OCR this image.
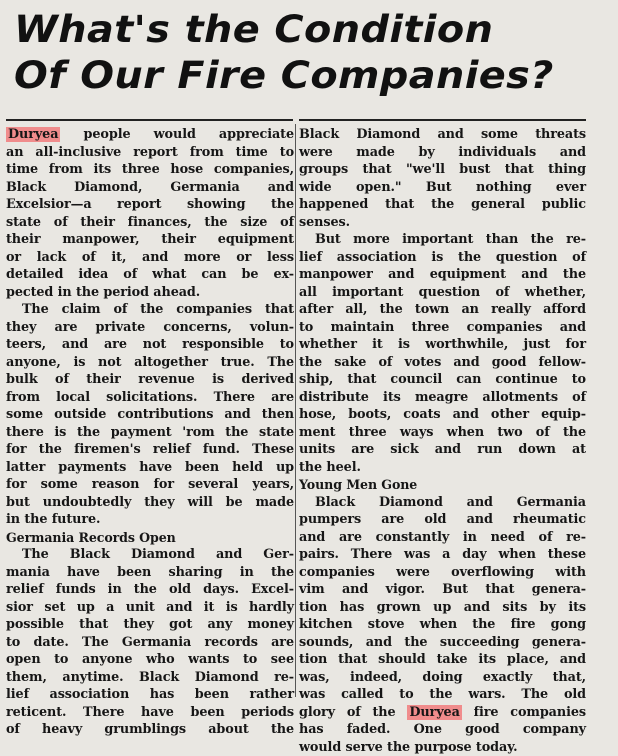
What's the Condition
Of Our Fire Companies?
Duryea people would appreciate
an all-inclusive report from time to
time from its three hose companies,
Black Diamond, Germania and
Excelsior—a report showing the
state of their finances, the size of
their manpower, their equipment
or lack of it, and more or less
detailed idea of what can be ex-
pected in the period ahead.
The claim of the companies that
they are private concerns, volun-
teers, and are not responsible to
anyone, is not altogether true. The
bulk of their revenue is derived
from local solicitations. There are
some outside contributions and then
there is the payment 'rom the state
for the firemen's relief fund. These
latter payments have been held up
for some reason for several years,
but undoubtedly they will be made
in the future.
Germania Records Open
The Black Diamond and Ger-
mania have been sharing in the
relief funds in the old days. Excel-
sior set up a unit and it is hardly
possible that they got any money
to date. The Germania records are
open to anyone who wants to see
them, anytime. Black Diamond re-
lief association has been rather
reticent. There have been periods
of heavy grumblings about the
Black Diamond and some threats
were made by individuals and
groups that "we'll bust that thing
wide open." But nothing ever
happened that the general public
senses.
But more important than the re-
lief association is the question of
manpower and equipment and the
all important question of whether,
after all, the town an really afford
to maintain three companies and
whether it is worthwhile, just for
the sake of votes and good fellow-
ship, that council can continue to
distribute its meagre allotments of
hose, boots, coats and other equip-
ment three ways when two of the
units are sick and run down at
the heel.
Young Men Gone
Black Diamond and Germania
pumpers are old and rheumatic
and are constantly in need of re-
pairs. There was a day when these
companies were overflowing with
vim and vigor. But that genera-
tion has grown up and sits by its
kitchen stove when the fire gong
sounds, and the succeeding genera-
tion that should take its place, and
was, indeed, doing exactly that,
was called to the wars. The old
glory of the Duryea fire companies
has faded. One good company
would serve the purpose today.
